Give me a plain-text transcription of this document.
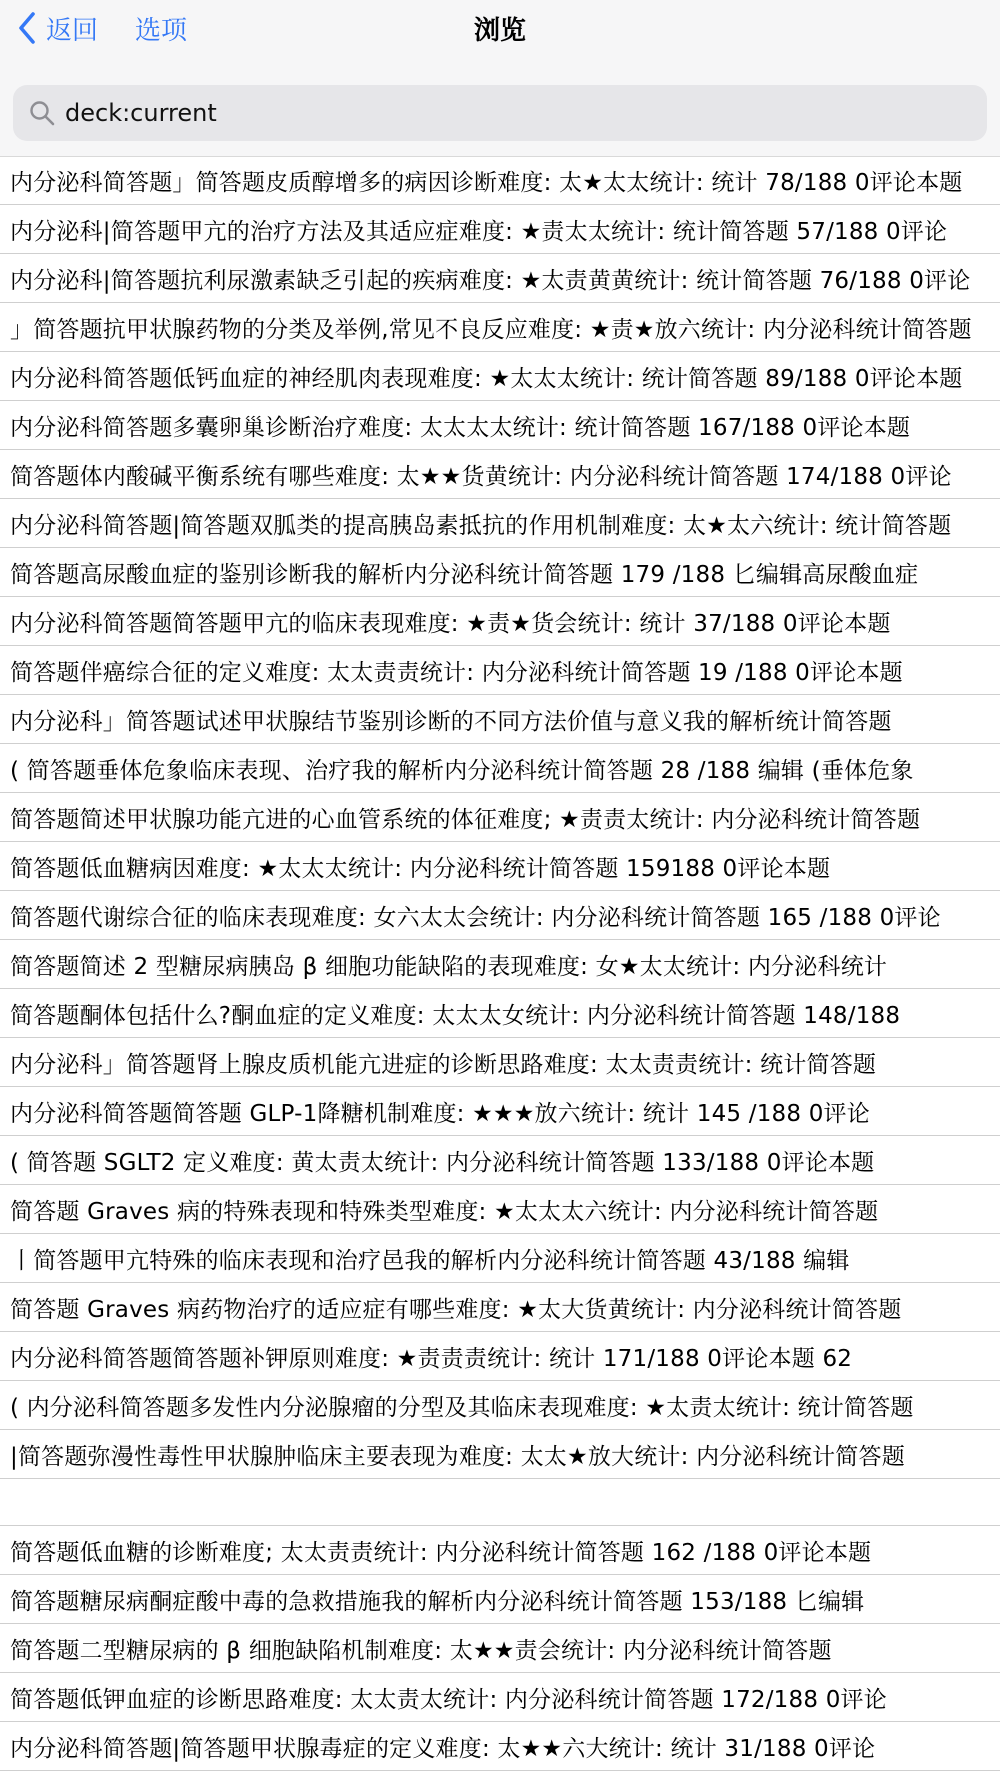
返回 选项	浏览
deck:current
内分泌科简答题」简答题皮质醇增多的病因诊断难度: 太★太太统计: 统计 78/188 0评论本题
内分泌科|简答题甲亢的治疗方法及其适应症难度: ★责太太统计: 统计简答题 57/188 0评论
内分泌科|简答题抗利尿激素缺乏引起的疾病难度: ★太责黄黄统计: 统计简答题 76/188 0评论
」简答题抗甲状腺药物的分类及举例,常见不良反应难度: ★责★放六统计: 内分泌科统计简答题
内分泌科简答题低钙血症的神经肌肉表现难度: ★太太太统计: 统计简答题 89/188 0评论本题
内分泌科简答题多囊卵巢诊断治疗难度: 太太太太统计: 统计简答题 167/188 0评论本题
简答题体内酸碱平衡系统有哪些难度: 太★★货黄统计: 内分泌科统计简答题 174/188 0评论
内分泌科简答题|简答题双胍类的提高胰岛素抵抗的作用机制难度: 太★太六统计: 统计简答题
简答题高尿酸血症的鉴别诊断我的解析内分泌科统计简答题 179 /188 匕编辑高尿酸血症
内分泌科简答题简答题甲亢的临床表现难度: ★责★货会统计: 统计 37/188 0评论本题
简答题伴癌综合征的定义难度: 太太责责统计: 内分泌科统计简答题 19 /188 0评论本题
内分泌科」简答题试述甲状腺结节鉴别诊断的不同方法价值与意义我的解析统计简答题
( 简答题垂体危象临床表现、治疗我的解析内分泌科统计简答题 28 /188 编辑 (垂体危象
简答题简述甲状腺功能亢进的心血管系统的体征难度; ★责责太统计: 内分泌科统计简答题
简答题低血糖病因难度: ★太太太统计: 内分泌科统计简答题 159188 0评论本题
简答题代谢综合征的临床表现难度: 女六太太会统计: 内分泌科统计简答题 165 /188 0评论
简答题简述 2 型糖尿病胰岛 β 细胞功能缺陷的表现难度: 女★太太统计: 内分泌科统计
简答题酮体包括什么?酮血症的定义难度: 太太太女统计: 内分泌科统计简答题 148/188
内分泌科」简答题肾上腺皮质机能亢进症的诊断思路难度: 太太责责统计: 统计简答题
内分泌科简答题简答题 GLP-1降糖机制难度: ★★★放六统计: 统计 145 /188 0评论
( 简答题 SGLT2 定义难度: 黄太责太统计: 内分泌科统计简答题 133/188 0评论本题
简答题 Graves 病的特殊表现和特殊类型难度: ★太太太六统计: 内分泌科统计简答题
丨简答题甲亢特殊的临床表现和治疗邑我的解析内分泌科统计简答题 43/188 编辑
简答题 Graves 病药物治疗的适应症有哪些难度: ★太大货黄统计: 内分泌科统计简答题
内分泌科简答题简答题补钾原则难度: ★责责责统计: 统计 171/188 0评论本题 62
( 内分泌科简答题多发性内分泌腺瘤的分型及其临床表现难度: ★太责太统计: 统计简答题
|简答题弥漫性毒性甲状腺肿临床主要表现为难度: 太太★放大统计: 内分泌科统计简答题
简答题低血糖的诊断难度; 太太责责统计: 内分泌科统计简答题 162 /188 0评论本题
简答题糖尿病酮症酸中毒的急救措施我的解析内分泌科统计简答题 153/188 匕编辑
简答题二型糖尿病的 β 细胞缺陷机制难度: 太★★责会统计: 内分泌科统计简答题
简答题低钾血症的诊断思路难度: 太太责太统计: 内分泌科统计简答题 172/188 0评论
内分泌科简答题|简答题甲状腺毒症的定义难度: 太★★六大统计: 统计 31/188 0评论
